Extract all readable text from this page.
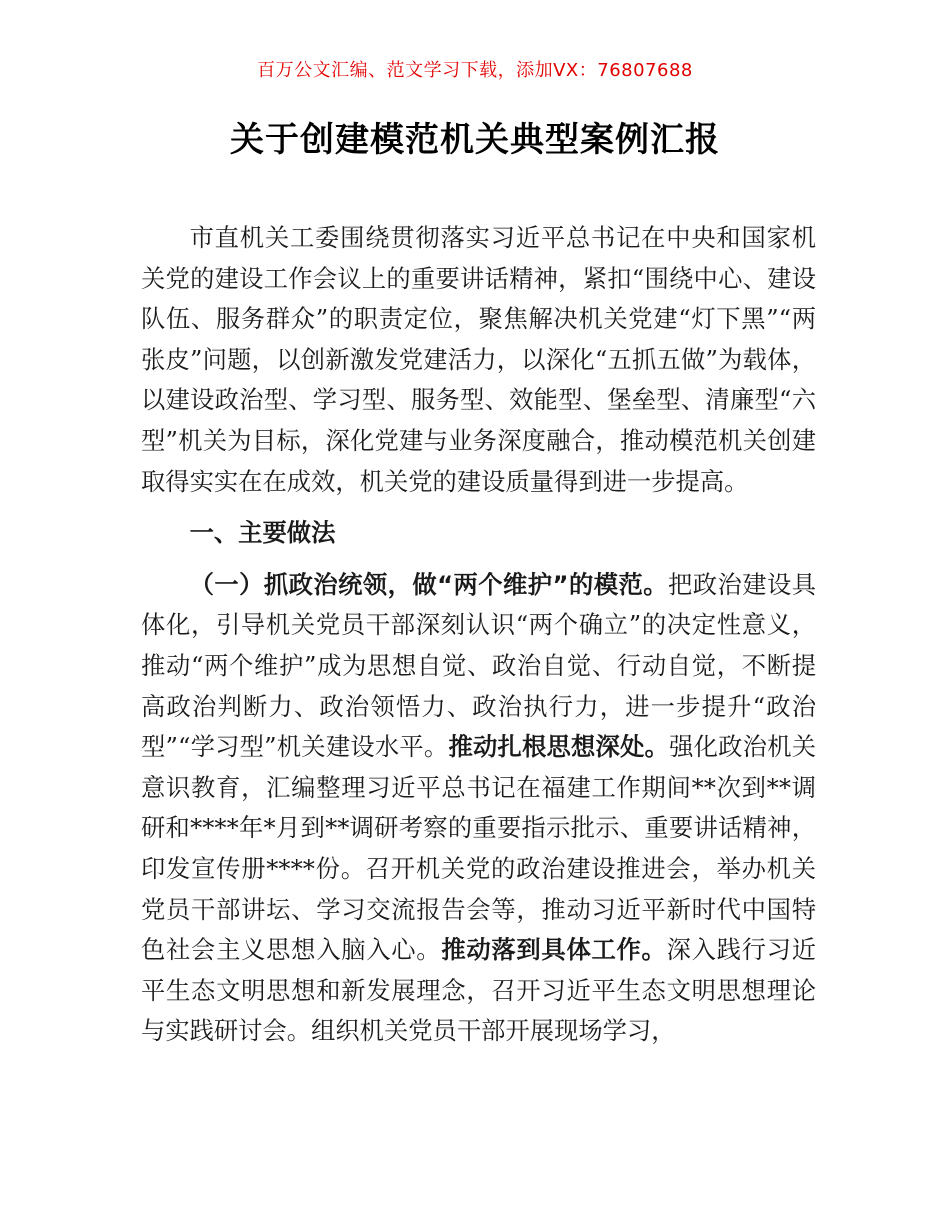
百万公文汇编、范文学习下载，添加VX：76807688
关于创建模范机关典型案例汇报

市直机关工委围绕贯彻落实习近平总书记在中央和国家机关党的建设工作会议上的重要讲话精神，紧扣“围绕中心、建设队伍、服务群众”的职责定位，聚焦解决机关党建“灯下黑”“两张皮”问题，以创新激发党建活力，以深化“五抓五做”为载体，以建设政治型、学习型、服务型、效能型、堡垒型、清廉型“六型”机关为目标，深化党建与业务深度融合，推动模范机关创建取得实实在在成效，机关党的建设质量得到进一步提高。

一、主要做法

（一）抓政治统领，做“两个维护”的模范。把政治建设具体化，引导机关党员干部深刻认识“两个确立”的决定性意义，推动“两个维护”成为思想自觉、政治自觉、行动自觉，不断提高政治判断力、政治领悟力、政治执行力，进一步提升“政治型”“学习型”机关建设水平。推动扎根思想深处。强化政治机关意识教育，汇编整理习近平总书记在福建工作期间**次到**调研和****年*月到**调研考察的重要指示批示、重要讲话精神，印发宣传册****份。召开机关党的政治建设推进会，举办机关党员干部讲坛、学习交流报告会等，推动习近平新时代中国特色社会主义思想入脑入心。推动落到具体工作。深入践行习近平生态文明思想和新发展理念，召开习近平生态文明思想理论与实践研讨会。组织机关党员干部开展现场学习，
